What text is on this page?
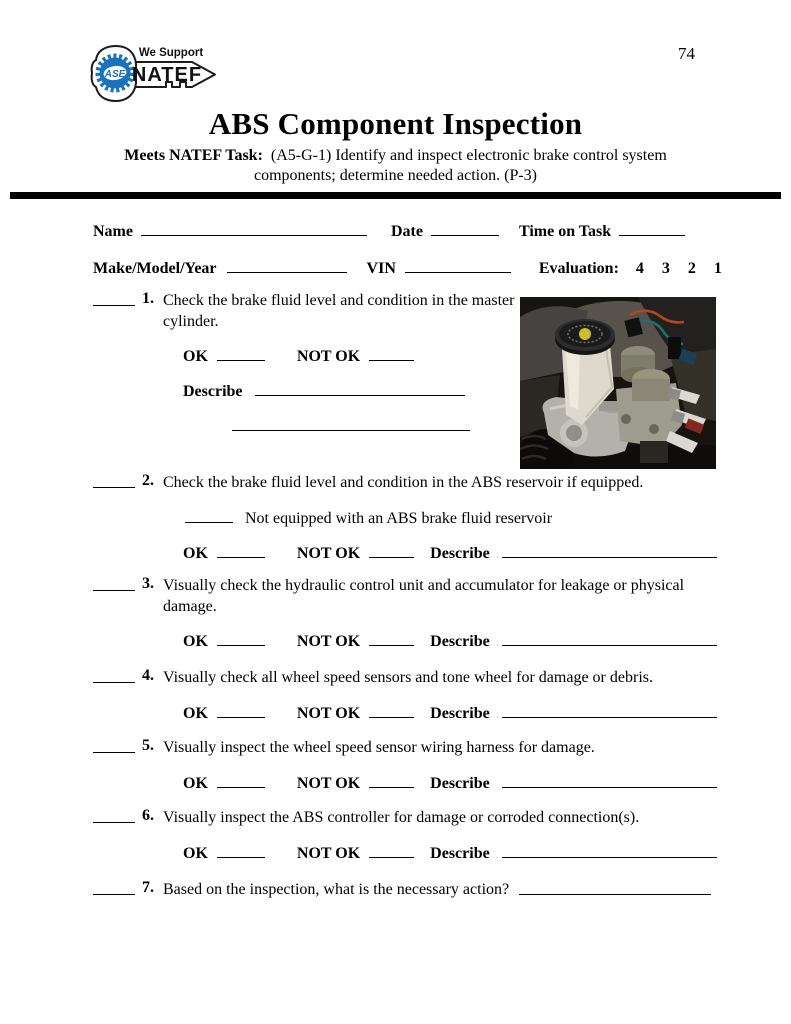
ASE
We Support
NATEF
74
ABS Component Inspection
Meets NATEF Task: (A5-G-1) Identify and inspect electronic brake control system
components; determine needed action. (P-3)
Name	Date	Time on Task
Make/Model/Year	VIN	Evaluation: 4 3 2 1
1. Check the brake fluid level and condition in the master cylinder.
OK	NOT OK
Describe
2. Check the brake fluid level and condition in the ABS reservoir if equipped.
Not equipped with an ABS brake fluid reservoir
OK	NOT OK	Describe
3. Visually check the hydraulic control unit and accumulator for leakage or physical damage.
OK	NOT OK	Describe
4. Visually check all wheel speed sensors and tone wheel for damage or debris.
OK	NOT OK	Describe
5. Visually inspect the wheel speed sensor wiring harness for damage.
OK	NOT OK	Describe
6. Visually inspect the ABS controller for damage or corroded connection(s).
OK	NOT OK	Describe
7. Based on the inspection, what is the necessary action?
